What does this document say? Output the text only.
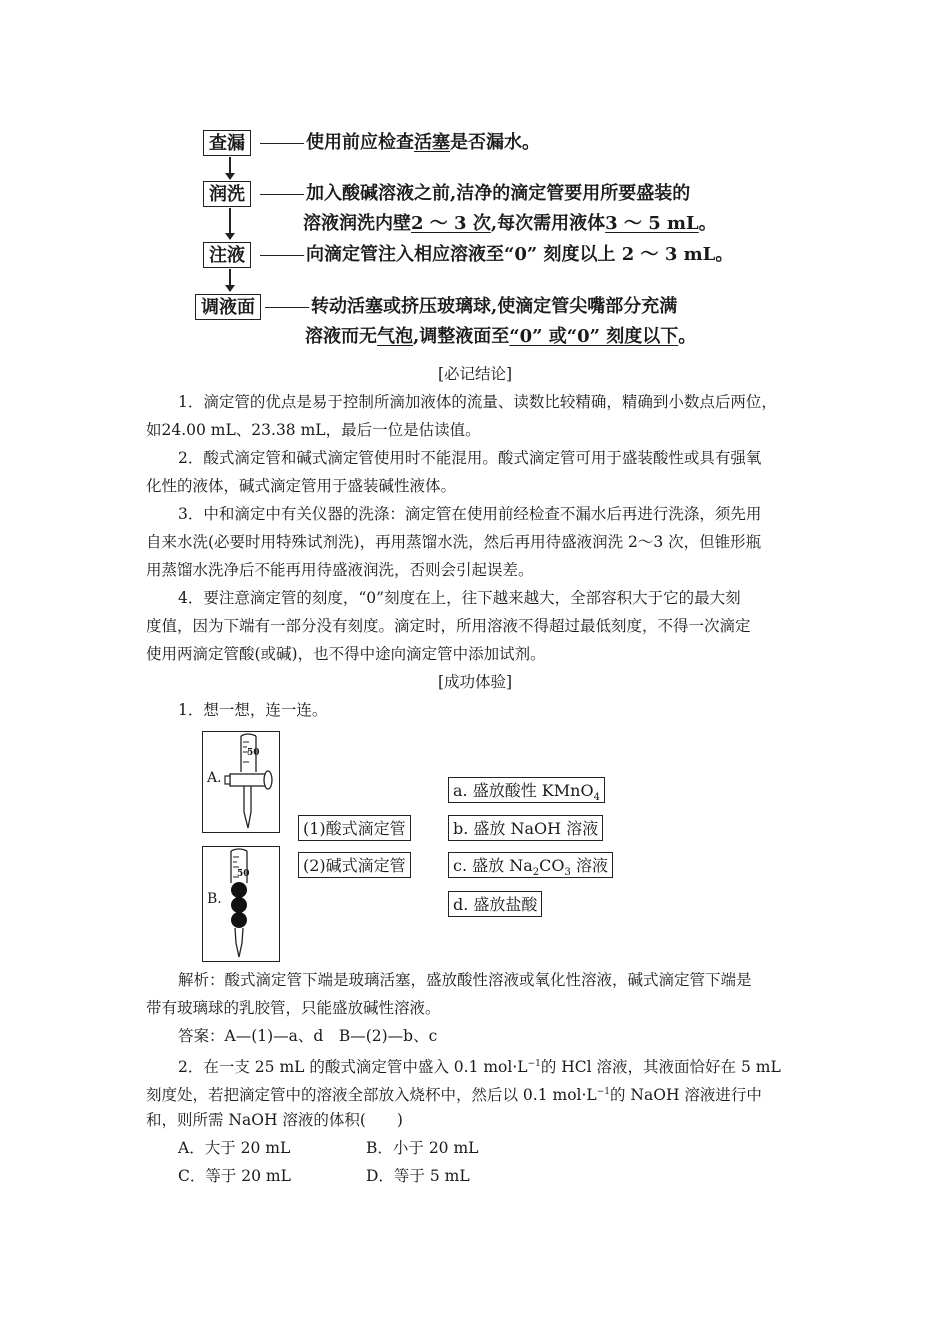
查漏	使用前应检查活塞是否漏水。
润洗	加入酸碱溶液之前,洁净的滴定管要用所要盛装的
溶液润洗内壁2 ～ 3 次,每次需用液体3 ～ 5 mL。
注液	向滴定管注入相应溶液至“0” 刻度以上 2 ～ 3 mL。
调液面	转动活塞或挤压玻璃球,使滴定管尖嘴部分充满
溶液而无气泡,调整液面至“0” 或“0” 刻度以下。
[必记结论]
1．滴定管的优点是易于控制所滴加液体的流量、读数比较精确，精确到小数点后两位，
如24.00 mL、23.38 mL，最后一位是估读值。
2．酸式滴定管和碱式滴定管使用时不能混用。酸式滴定管可用于盛装酸性或具有强氧
化性的液体，碱式滴定管用于盛装碱性液体。
3．中和滴定中有关仪器的洗涤：滴定管在使用前经检查不漏水后再进行洗涤，须先用
自来水洗(必要时用特殊试剂洗)，再用蒸馏水洗，然后再用待盛液润洗 2～3 次，但锥形瓶
用蒸馏水洗净后不能再用待盛液润洗，否则会引起误差。
4．要注意滴定管的刻度，“0”刻度在上，往下越来越大，全部容积大于它的最大刻
度值，因为下端有一部分没有刻度。滴定时，所用溶液不得超过最低刻度，不得一次滴定
使用两滴定管酸(或碱)，也不得中途向滴定管中添加试剂。
[成功体验]
1．想一想，连一连。
A.
50
B.
50
(1)酸式滴定管
(2)碱式滴定管
a. 盛放酸性 KMnO$_4$
b. 盛放 NaOH 溶液
c. 盛放 $Na_2CO_3$ 溶液
d. 盛放盐酸
解析：酸式滴定管下端是玻璃活塞，盛放酸性溶液或氧化性溶液，碱式滴定管下端是
带有玻璃球的乳胶管，只能盛放碱性溶液。
答案：A—(1)—a、d　B—(2)—b、c
2．在一支 25 mL 的酸式滴定管中盛入 0.1 $mol\cdot L^{-1}$的 HCl 溶液，其液面恰好在 5 mL
刻度处，若把滴定管中的溶液全部放入烧杯中，然后以 0.1 $mol\cdot L^{-1}$的 NaOH 溶液进行中
和，则所需 NaOH 溶液的体积(　　)
A．大于 20 mL	B．小于 20 mL
C．等于 20 mL	D．等于 5 mL
